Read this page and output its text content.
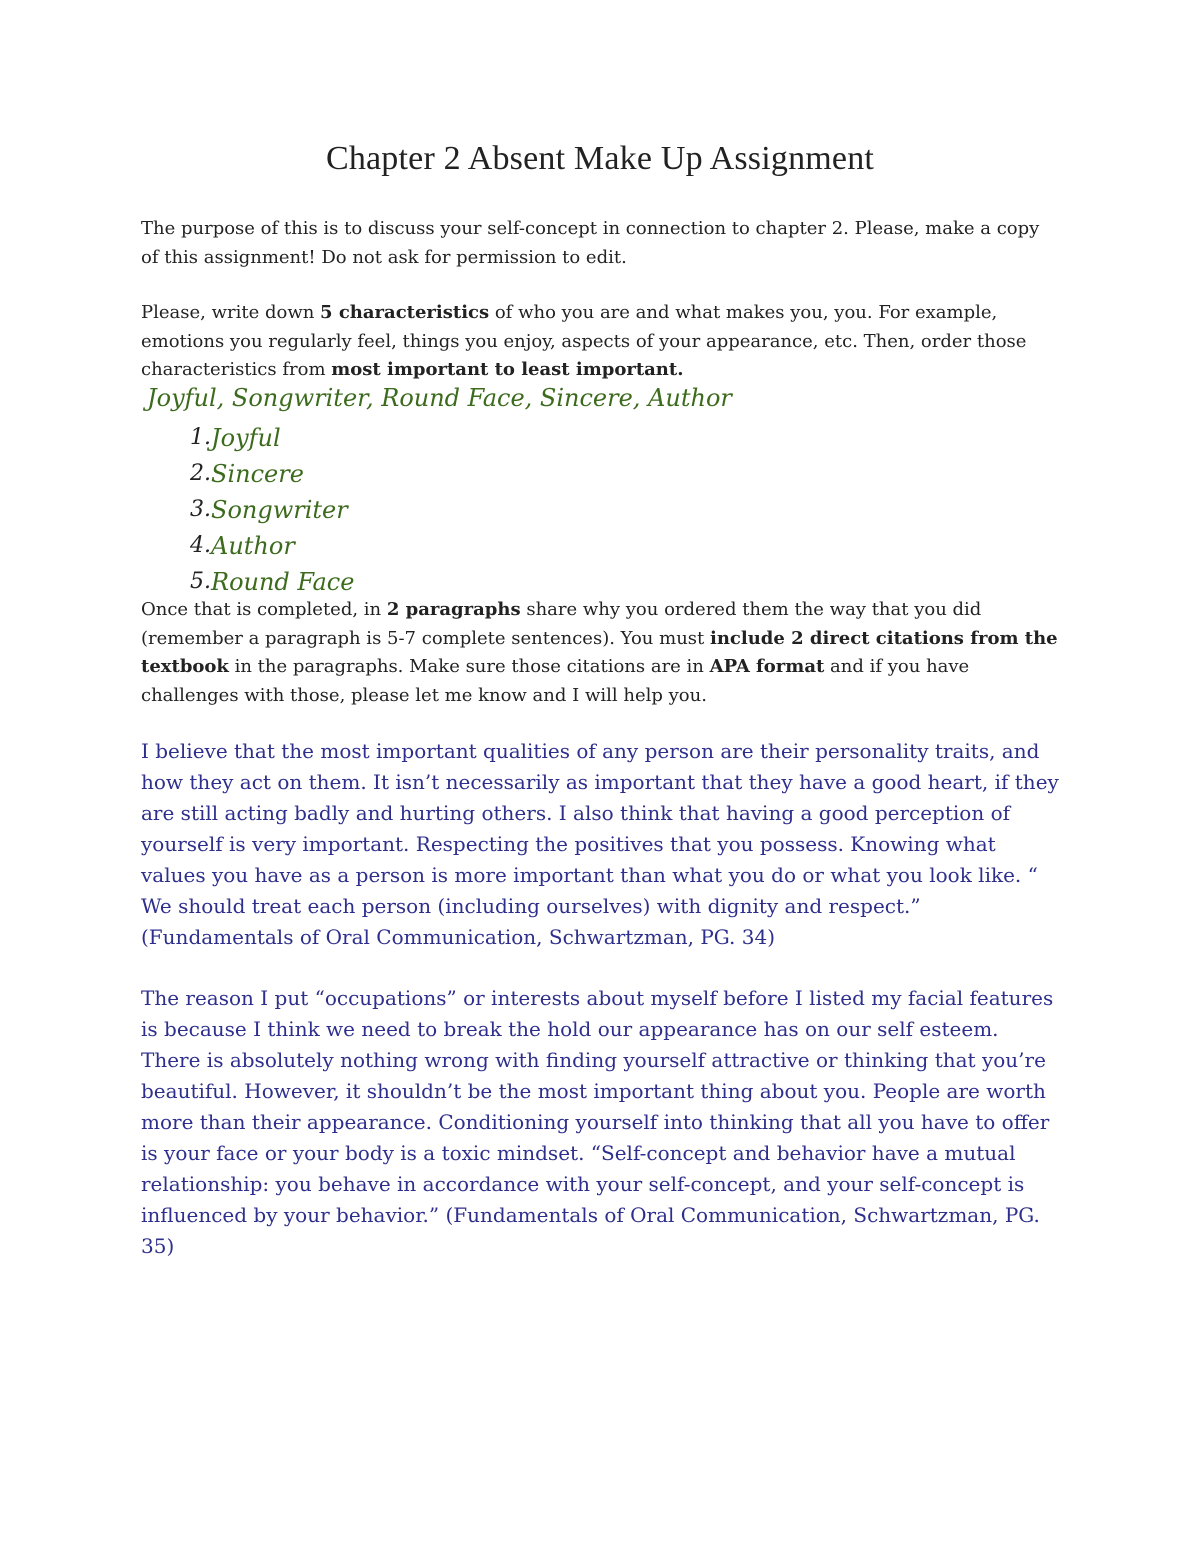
Chapter 2 Absent Make Up Assignment

The purpose of this is to discuss your self-concept in connection to chapter 2. Please, make a copy of this assignment! Do not ask for permission to edit.

Please, write down 5 characteristics of who you are and what makes you, you. For example, emotions you regularly feel, things you enjoy, aspects of your appearance, etc. Then, order those characteristics from most important to least important.

Joyful, Songwriter, Round Face, Sincere, Author

1. Joyful
2. Sincere
3. Songwriter
4. Author
5. Round Face

Once that is completed, in 2 paragraphs share why you ordered them the way that you did (remember a paragraph is 5-7 complete sentences). You must include 2 direct citations from the textbook in the paragraphs. Make sure those citations are in APA format and if you have challenges with those, please let me know and I will help you.

I believe that the most important qualities of any person are their personality traits, and how they act on them. It isn’t necessarily as important that they have a good heart, if they are still acting badly and hurting others. I also think that having a good perception of yourself is very important. Respecting the positives that you possess. Knowing what values you have as a person is more important than what you do or what you look like. “ We should treat each person (including ourselves) with dignity and respect.” (Fundamentals of Oral Communication, Schwartzman, PG. 34)

The reason I put “occupations” or interests about myself before I listed my facial features is because I think we need to break the hold our appearance has on our self esteem. There is absolutely nothing wrong with finding yourself attractive or thinking that you’re beautiful. However, it shouldn’t be the most important thing about you. People are worth more than their appearance. Conditioning yourself into thinking that all you have to offer is your face or your body is a toxic mindset. “Self-concept and behavior have a mutual relationship: you behave in accordance with your self-concept, and your self-concept is influenced by your behavior.” (Fundamentals of Oral Communication, Schwartzman, PG. 35)
